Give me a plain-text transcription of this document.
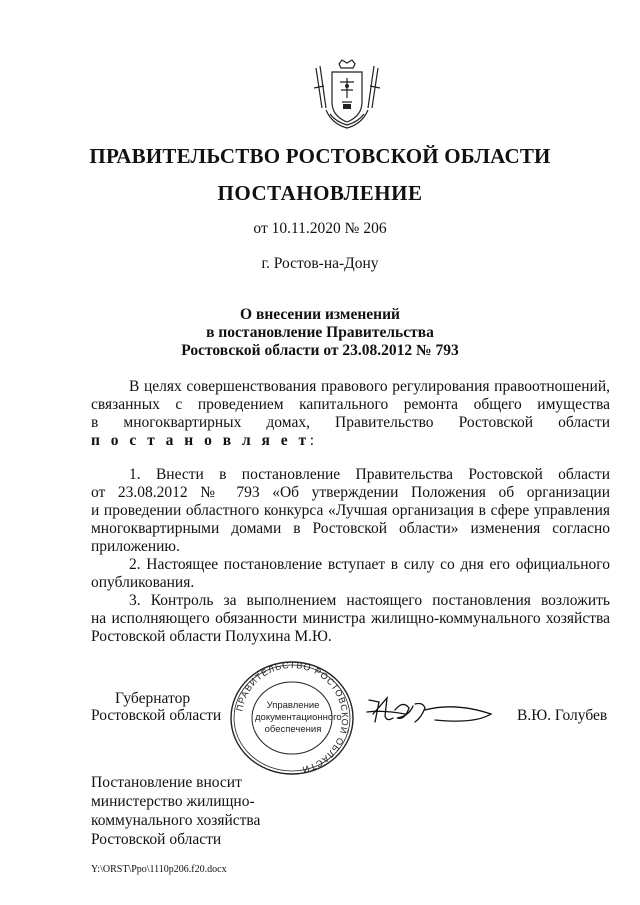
ПРАВИТЕЛЬСТВО РОСТОВСКОЙ ОБЛАСТИ
ПОСТАНОВЛЕНИЕ
от 10.11.2020 № 206
г. Ростов-на-Дону
О внесении изменений
в постановление Правительства
Ростовской области от 23.08.2012 № 793
В целях совершенствования правового регулирования правоотношений,
связанных с проведением капитального ремонта общего имущества
в многоквартирных домах, Правительство Ростовской области
п о с т а н о в л я е т:
1. Внести в постановление Правительства Ростовской области
от 23.08.2012 № 793 «Об утверждении Положения об организации
и проведении областного конкурса «Лучшая организация в сфере управления
многоквартирными домами в Ростовской области» изменения согласно
приложению.
2. Настоящее постановление вступает в силу со дня его официального
опубликования.
3. Контроль за выполнением настоящего постановления возложить
на исполняющего обязанности министра жилищно-коммунального хозяйства
Ростовской области Полухина М.Ю.
Губернатор
Ростовской области ПРАВИТЕЛЬСТВО РОСТОВСКОЙ ОБЛАСТИ
Управление
документационного
обеспечения
В.Ю. Голубев
Постановление вносит
министерство жилищно-
коммунального хозяйства
Ростовской области
Y:\ORST\Ppo\1110p206.f20.docx
